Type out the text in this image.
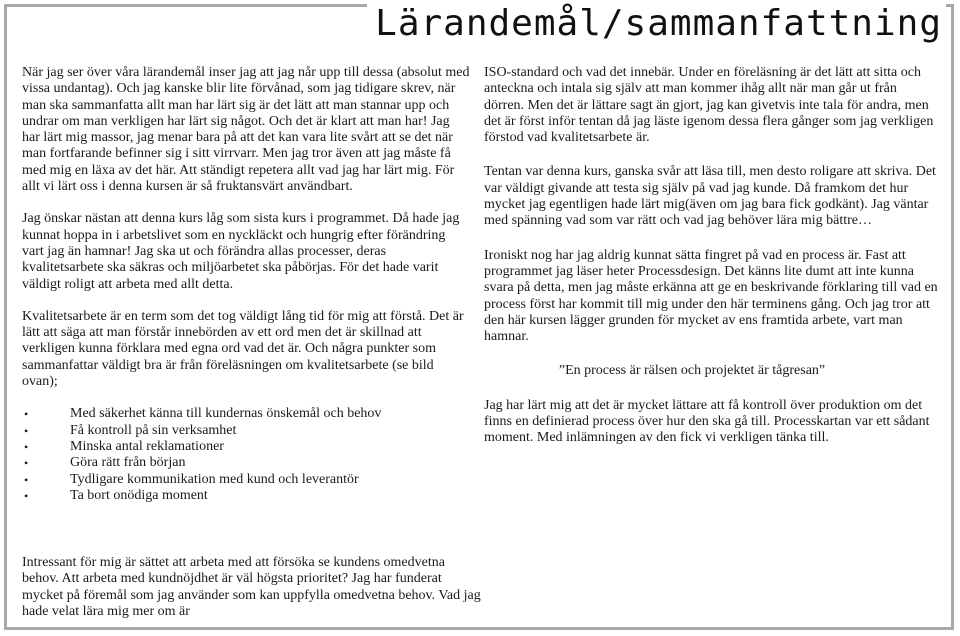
Lärandemål/sammanfattning

När jag ser över våra lärandemål inser jag att jag når upp till dessa (absolut med vissa undantag). Och jag kanske blir lite förvånad, som jag tidigare skrev, när man ska sammanfatta allt man har lärt sig är det lätt att man stannar upp och undrar om man verkligen har lärt sig något. Och det är klart att man har! Jag har lärt mig massor, jag menar bara på att det kan vara lite svårt att se det när man fortfarande befinner sig i sitt virrvarr. Men jag tror även att jag måste få med mig en läxa av det här. Att ständigt repetera allt vad jag har lärt mig. För allt vi lärt oss i denna kursen är så fruktansvärt användbart.

Jag önskar nästan att denna kurs låg som sista kurs i programmet. Då hade jag kunnat hoppa in i arbetslivet som en nyckläckt och hungrig efter förändring vart jag än hamnar! Jag ska ut och förändra allas processer, deras kvalitetsarbete ska säkras och miljöarbetet ska påbörjas. För det hade varit väldigt roligt att arbeta med allt detta.

Kvalitetsarbete är en term som det tog väldigt lång tid för mig att förstå. Det är lätt att säga att man förstår innebörden av ett ord men det är skillnad att verkligen kunna förklara med egna ord vad det är. Och några punkter som sammanfattar väldigt bra är från föreläsningen om kvalitetsarbete (se bild ovan);

• Med säkerhet känna till kundernas önskemål och behov
• Få kontroll på sin verksamhet
• Minska antal reklamationer
• Göra rätt från början
• Tydligare kommunikation med kund och leverantör
• Ta bort onödiga moment

Intressant för mig är sättet att arbeta med att försöka se kundens omedvetna behov. Att arbeta med kundnöjdhet är väl högsta prioritet? Jag har funderat mycket på föremål som jag använder som kan uppfylla omedvetna behov. Vad jag hade velat lära mig mer om är

ISO-standard och vad det innebär. Under en föreläsning är det lätt att sitta och anteckna och intala sig själv att man kommer ihåg allt när man går ut från dörren. Men det är lättare sagt än gjort, jag kan givetvis inte tala för andra, men det är först inför tentan då jag läste igenom dessa flera gånger som jag verkligen förstod vad kvalitetsarbete är.

Tentan var denna kurs, ganska svår att läsa till, men desto roligare att skriva. Det var väldigt givande att testa sig själv på vad jag kunde. Då framkom det hur mycket jag egentligen hade lärt mig(även om jag bara fick godkänt). Jag väntar med spänning vad som var rätt och vad jag behöver lära mig bättre…

Ironiskt nog har jag aldrig kunnat sätta fingret på vad en process är. Fast att programmet jag läser heter Processdesign. Det känns lite dumt att inte kunna svara på detta, men jag måste erkänna att ge en beskrivande förklaring till vad en process först har kommit till mig under den här terminens gång. Och jag tror att den här kursen lägger grunden för mycket av ens framtida arbete, vart man hamnar.

”En process är rälsen och projektet är tågresan”

Jag har lärt mig att det är mycket lättare att få kontroll över produktion om det finns en definierad process över hur den ska gå till. Processkartan var ett sådant moment. Med inlämningen av den fick vi verkligen tänka till.
